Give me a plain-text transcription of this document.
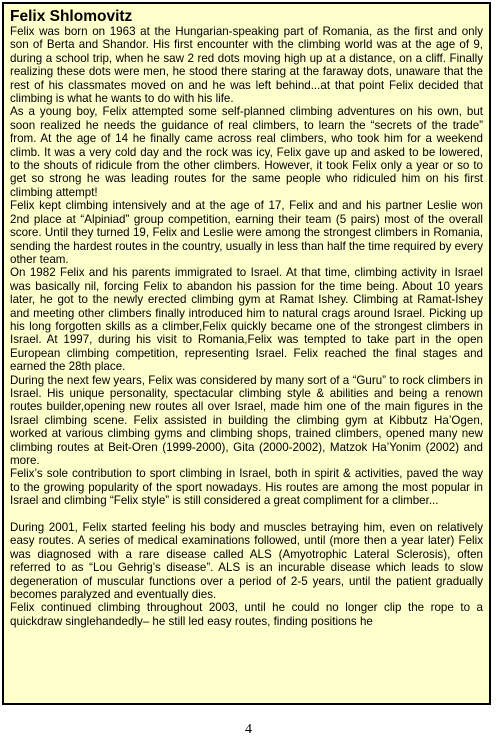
Felix Shlomovitz

Felix was born on 1963 at the Hungarian-speaking part of Romania, as the first and only son of Berta and Shandor. His first encounter with the climbing world was at the age of 9, during a school trip, when he saw 2 red dots moving high up at a distance, on a cliff. Finally realizing these dots were men, he stood there staring at the faraway dots, unaware that the rest of his classmates moved on and he was left behind...at that point Felix decided that climbing is what he wants to do with his life.

As a young boy, Felix attempted some self-planned climbing adventures on his own, but soon realized he needs the guidance of real climbers, to learn the “secrets of the trade” from. At the age of 14 he finally came across real climbers, who took him for a weekend climb. It was a very cold day and the rock was icy, Felix gave up and asked to be lowered, to the shouts of ridicule from the other climbers. However, it took Felix only a year or so to get so strong he was leading routes for the same people who ridiculed him on his first climbing attempt!

Felix kept climbing intensively and at the age of 17, Felix and and his partner Leslie won 2nd place at “Alpiniad” group competition, earning their team (5 pairs) most of the overall score. Until they turned 19, Felix and Leslie were among the strongest climbers in Romania, sending the hardest routes in the country, usually in less than half the time required by every other team.

On 1982 Felix and his parents immigrated to Israel. At that time, climbing activity in Israel was basically nil, forcing Felix to abandon his passion for the time being. About 10 years later, he got to the newly erected climbing gym at Ramat Ishey. Climbing at Ramat-Ishey and meeting other climbers finally introduced him to natural crags around Israel. Picking up his long forgotten skills as a climber,Felix quickly became one of the strongest climbers in Israel. At 1997, during his visit to Romania,Felix was tempted to take part in the open European climbing competition, representing Israel. Felix reached the final stages and earned the 28th place.

During the next few years, Felix was considered by many sort of a “Guru” to rock climbers in Israel. His unique personality, spectacular climbing style & abilities and being a renown routes builder,opening new routes all over Israel, made him one of the main figures in the Israel climbing scene. Felix assisted in building the climbing gym at Kibbutz Ha’Ogen, worked at various climbing gyms and climbing shops, trained climbers, opened many new climbing routes at Beit-Oren (1999-2000), Gita (2000-2002), Matzok Ha’Yonim (2002) and more.

Felix’s sole contribution to sport climbing in Israel, both in spirit & activities, paved the way to the growing popularity of the sport nowadays. His routes are among the most popular in Israel and climbing “Felix style” is still considered a great compliment for a climber...

During 2001, Felix started feeling his body and muscles betraying him, even on relatively easy routes. A series of medical examinations followed, until (more then a year later) Felix was diagnosed with a rare disease called ALS (Amyotrophic Lateral Sclerosis), often referred to as “Lou Gehrig’s disease”. ALS is an incurable disease which leads to slow degeneration of muscular functions over a period of 2-5 years, until the patient gradually becomes paralyzed and eventually dies.

Felix continued climbing throughout 2003, until he could no longer clip the rope to a quickdraw singlehandedly– he still led easy routes, finding positions he

4
